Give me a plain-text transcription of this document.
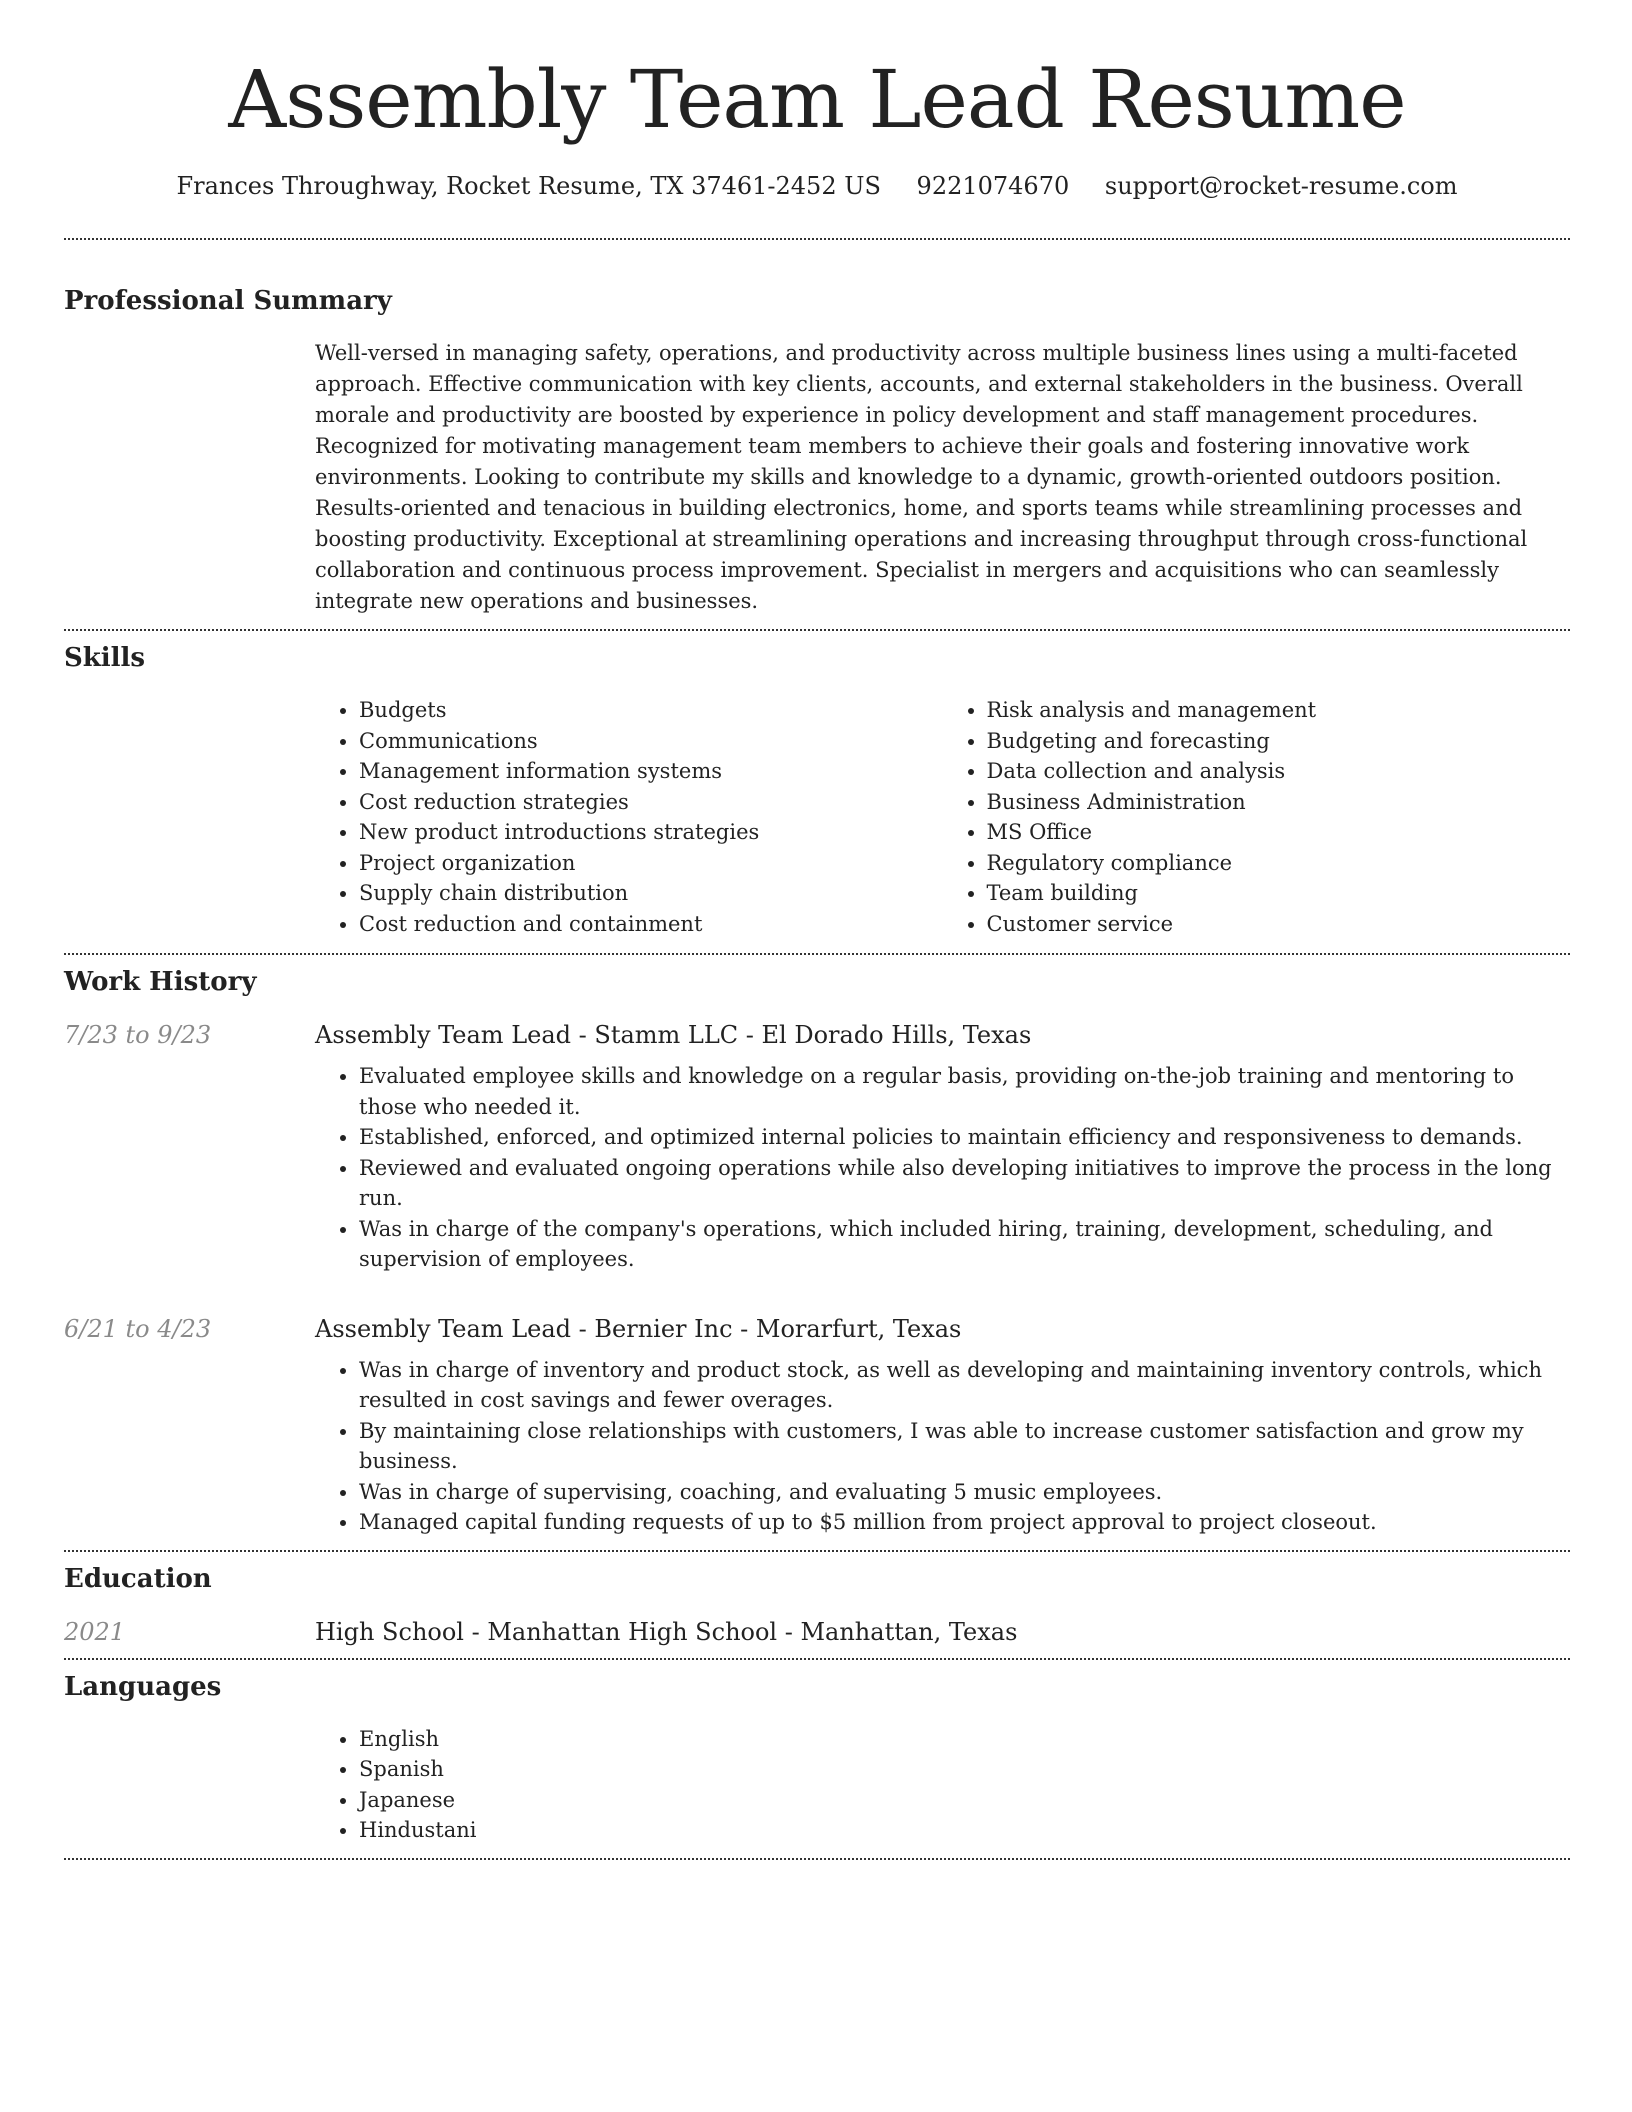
Assembly Team Lead Resume
Frances Throughway, Rocket Resume, TX 37461-2452 US 9221074670 support@rocket-resume.com
Professional Summary
Well-versed in managing safety, operations, and productivity across multiple business lines using a multi-faceted approach. Effective communication with key clients, accounts, and external stakeholders in the business. Overall morale and productivity are boosted by experience in policy development and staff management procedures. Recognized for motivating management team members to achieve their goals and fostering innovative work environments. Looking to contribute my skills and knowledge to a dynamic, growth-oriented outdoors position. Results-oriented and tenacious in building electronics, home, and sports teams while streamlining processes and boosting productivity. Exceptional at streamlining operations and increasing throughput through cross-functional collaboration and continuous process improvement. Specialist in mergers and acquisitions who can seamlessly integrate new operations and businesses.
Skills
• Budgets
• Communications
• Management information systems
• Cost reduction strategies
• New product introductions strategies
• Project organization
• Supply chain distribution
• Cost reduction and containment
• Risk analysis and management
• Budgeting and forecasting
• Data collection and analysis
• Business Administration
• MS Office
• Regulatory compliance
• Team building
• Customer service
Work History
7/23 to 9/23	Assembly Team Lead - Stamm LLC - El Dorado Hills, Texas
• Evaluated employee skills and knowledge on a regular basis, providing on-the-job training and mentoring to those who needed it.
• Established, enforced, and optimized internal policies to maintain efficiency and responsiveness to demands.
• Reviewed and evaluated ongoing operations while also developing initiatives to improve the process in the long run.
• Was in charge of the company's operations, which included hiring, training, development, scheduling, and supervision of employees.
6/21 to 4/23	Assembly Team Lead - Bernier Inc - Morarfurt, Texas
• Was in charge of inventory and product stock, as well as developing and maintaining inventory controls, which resulted in cost savings and fewer overages.
• By maintaining close relationships with customers, I was able to increase customer satisfaction and grow my business.
• Was in charge of supervising, coaching, and evaluating 5 music employees.
• Managed capital funding requests of up to $5 million from project approval to project closeout.
Education
2021	High School - Manhattan High School - Manhattan, Texas
Languages
• English
• Spanish
• Japanese
• Hindustani
